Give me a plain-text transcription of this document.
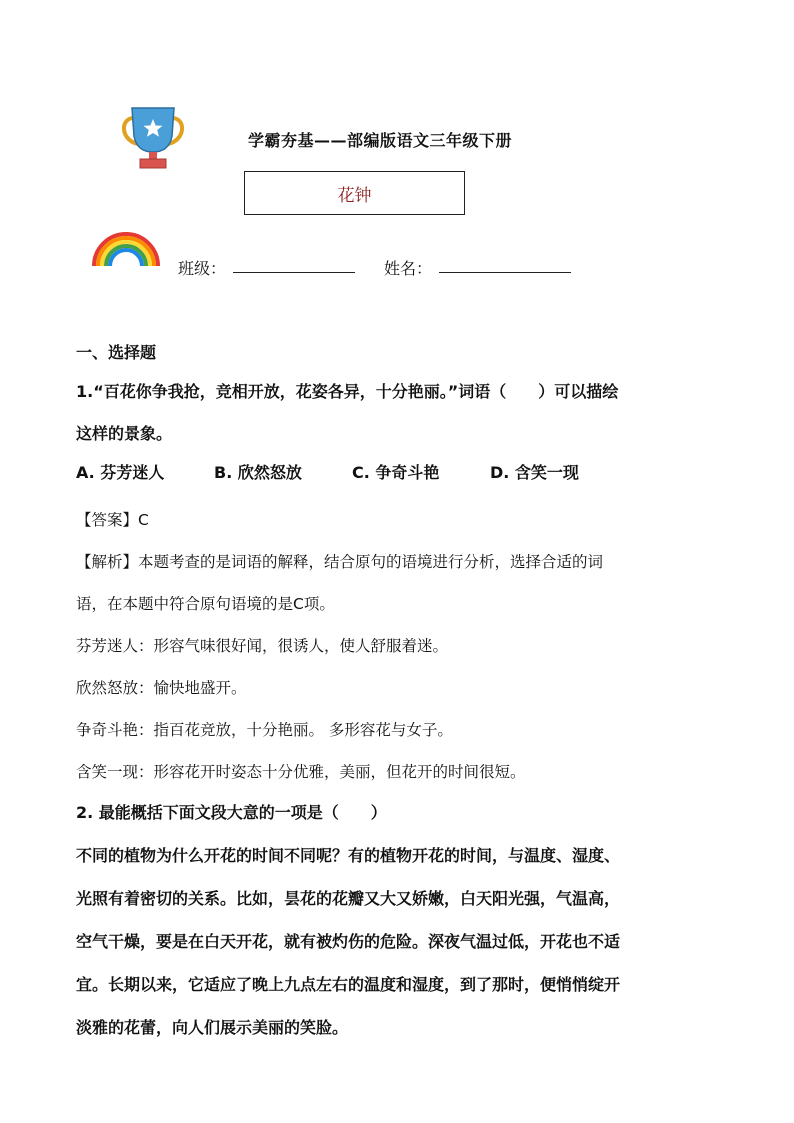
学霸夯基——部编版语文三年级下册
花钟
班级：	姓名：
一、选择题
1.“百花你争我抢，竞相开放，花姿各异，十分艳丽。”词语（　　）可以描绘
这样的景象。
A. 芬芳迷人	B. 欣然怒放	C. 争奇斗艳	D. 含笑一现
【答案】C
【解析】本题考查的是词语的解释，结合原句的语境进行分析，选择合适的词
语，在本题中符合原句语境的是C项。
芬芳迷人：形容气味很好闻，很诱人，使人舒服着迷。
欣然怒放：愉快地盛开。
争奇斗艳：指百花竞放，十分艳丽。 多形容花与女子。
含笑一现：形容花开时姿态十分优雅，美丽，但花开的时间很短。
2. 最能概括下面文段大意的一项是（　　）
不同的植物为什么开花的时间不同呢？有的植物开花的时间，与温度、湿度、
光照有着密切的关系。比如，昙花的花瓣又大又娇嫩，白天阳光强，气温高，
空气干燥，要是在白天开花，就有被灼伤的危险。深夜气温过低，开花也不适
宜。长期以来，它适应了晚上九点左右的温度和湿度，到了那时，便悄悄绽开
淡雅的花蕾，向人们展示美丽的笑脸。
